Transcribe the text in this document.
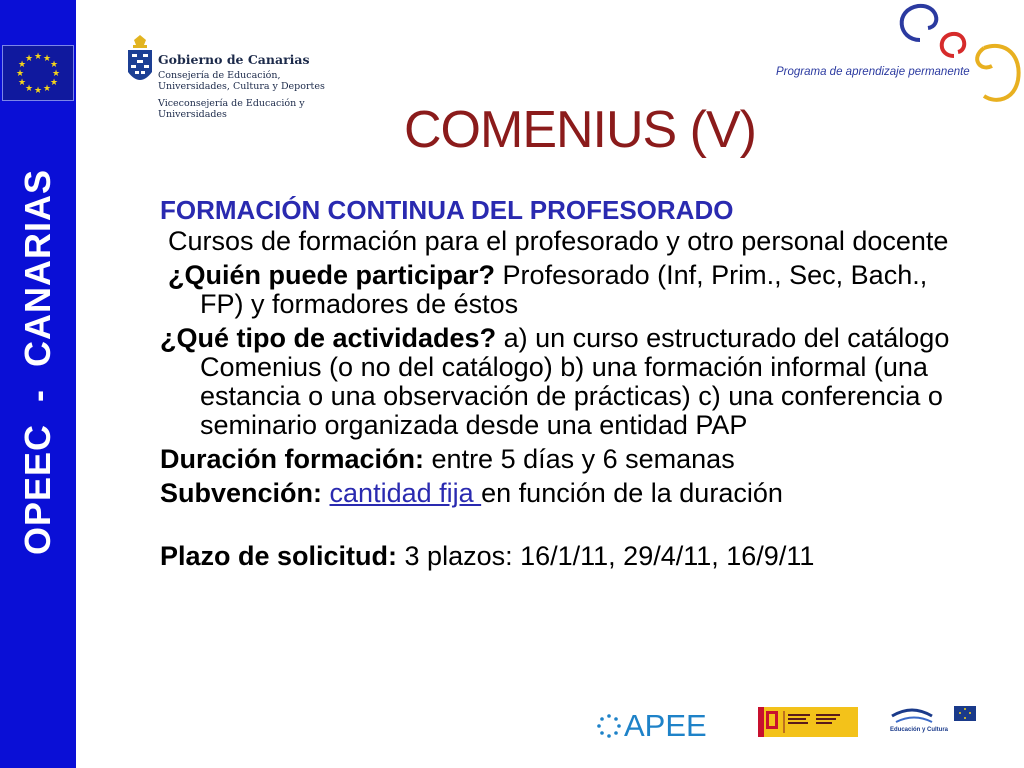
★ ★
★
★
★
★
★
★
★
★
★
★
OPEEC  -  CANARIAS
Gobierno de Canarias
Consejería de Educación, Universidades, Cultura y Deportes
Viceconsejería de Educación y Universidades
Programa de aprendizaje permanente
COMENIUS (V)
FORMACIÓN CONTINUA DEL PROFESORADO

Cursos de formación para el profesorado y otro personal docente

¿Quién puede participar? Profesorado (Inf, Prim., Sec, Bach., FP) y formadores de éstos

¿Qué tipo de actividades? a) un curso estructurado del catálogo Comenius (o no del catálogo) b) una formación informal (una estancia o una observación de prácticas) c) una conferencia o seminario organizada desde una entidad PAP

Duración formación: entre 5 días y 6 semanas

Subvención: cantidad fija en función de la duración

Plazo de solicitud: 3 plazos: 16/1/11, 29/4/11, 16/9/11

APEE	Educación y Cultura
